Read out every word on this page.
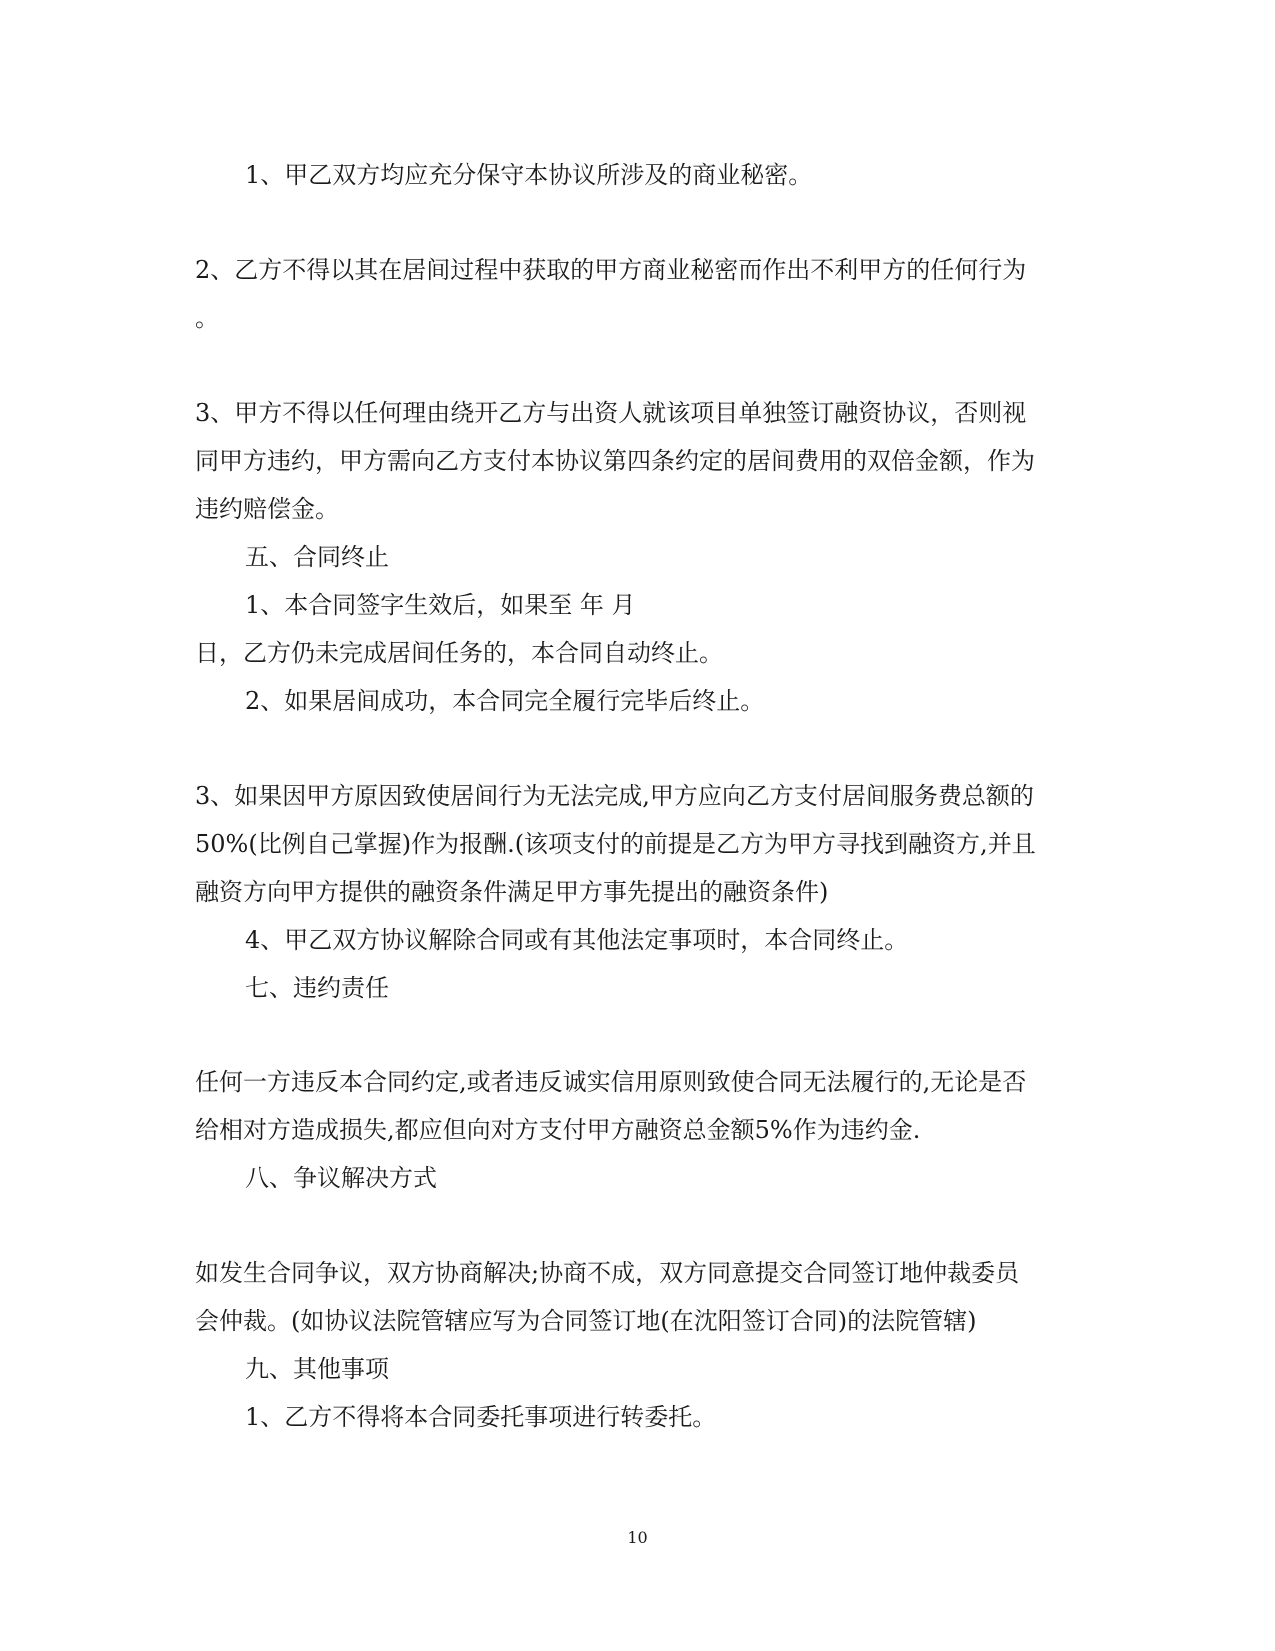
1、甲乙双方均应充分保守本协议所涉及的商业秘密。
2、乙方不得以其在居间过程中获取的甲方商业秘密而作出不利甲方的任何行为
。
3、甲方不得以任何理由绕开乙方与出资人就该项目单独签订融资协议，否则视
同甲方违约，甲方需向乙方支付本协议第四条约定的居间费用的双倍金额，作为
违约赔偿金。
五、合同终止
1、本合同签字生效后，如果至 年 月
日，乙方仍未完成居间任务的，本合同自动终止。
2、如果居间成功，本合同完全履行完毕后终止。
3、如果因甲方原因致使居间行为无法完成,甲方应向乙方支付居间服务费总额的
50%(比例自己掌握)作为报酬.(该项支付的前提是乙方为甲方寻找到融资方,并且
融资方向甲方提供的融资条件满足甲方事先提出的融资条件)
4、甲乙双方协议解除合同或有其他法定事项时，本合同终止。
七、违约责任
任何一方违反本合同约定,或者违反诚实信用原则致使合同无法履行的,无论是否
给相对方造成损失,都应但向对方支付甲方融资总金额5%作为违约金.
八、争议解决方式
如发生合同争议，双方协商解决;协商不成，双方同意提交合同签订地仲裁委员
会仲裁。(如协议法院管辖应写为合同签订地(在沈阳签订合同)的法院管辖)
九、其他事项
1、乙方不得将本合同委托事项进行转委托。
10
